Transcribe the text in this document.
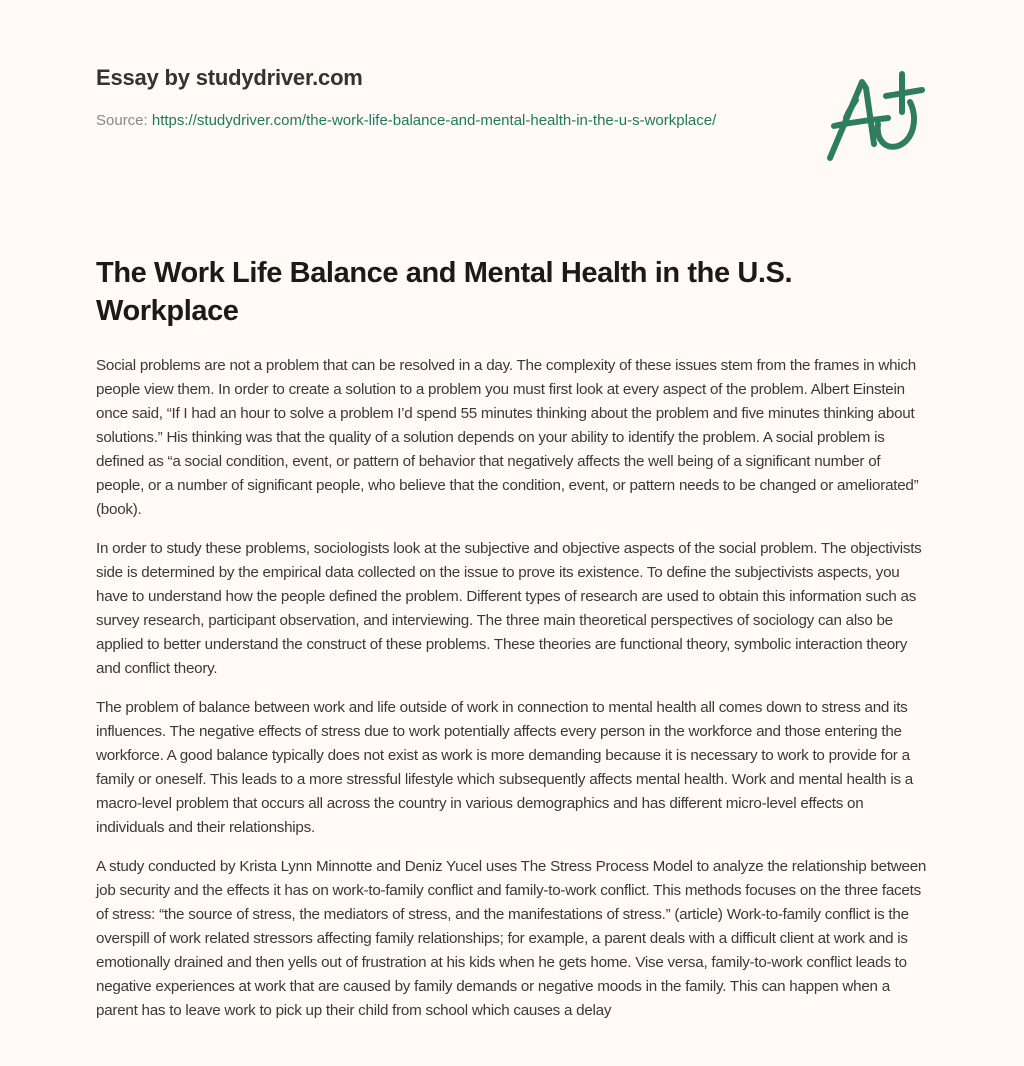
Essay by studydriver.com
Source: https://studydriver.com/the-work-life-balance-and-mental-health-in-the-u-s-workplace/
The Work Life Balance and Mental Health in the U.S. Workplace

Social problems are not a problem that can be resolved in a day. The complexity of these issues stem from the frames in which people view them. In order to create a solution to a problem you must first look at every aspect of the problem. Albert Einstein once said, “If I had an hour to solve a problem I’d spend 55 minutes thinking about the problem and five minutes thinking about solutions.” His thinking was that the quality of a solution depends on your ability to identify the problem. A social problem is defined as “a social condition, event, or pattern of behavior that negatively affects the well being of a significant number of people, or a number of significant people, who believe that the condition, event, or pattern needs to be changed or ameliorated” (book).

In order to study these problems, sociologists look at the subjective and objective aspects of the social problem. The objectivists side is determined by the empirical data collected on the issue to prove its existence. To define the subjectivists aspects, you have to understand how the people defined the problem. Different types of research are used to obtain this information such as survey research, participant observation, and interviewing. The three main theoretical perspectives of sociology can also be applied to better understand the construct of these problems. These theories are functional theory, symbolic interaction theory and conflict theory.

The problem of balance between work and life outside of work in connection to mental health all comes down to stress and its influences. The negative effects of stress due to work potentially affects every person in the workforce and those entering the workforce. A good balance typically does not exist as work is more demanding because it is necessary to work to provide for a family or oneself. This leads to a more stressful lifestyle which subsequently affects mental health. Work and mental health is a macro-level problem that occurs all across the country in various demographics and has different micro-level effects on individuals and their relationships.

A study conducted by Krista Lynn Minnotte and Deniz Yucel uses The Stress Process Model to analyze the relationship between job security and the effects it has on work-to-family conflict and family-to-work conflict. This methods focuses on the three facets of stress: “the source of stress, the mediators of stress, and the manifestations of stress.” (article) Work-to-family conflict is the overspill of work related stressors affecting family relationships; for example, a parent deals with a difficult client at work and is emotionally drained and then yells out of frustration at his kids when he gets home. Vise versa, family-to-work conflict leads to negative experiences at work that are caused by family demands or negative moods in the family. This can happen when a parent has to leave work to pick up their child from school which causes a delay
